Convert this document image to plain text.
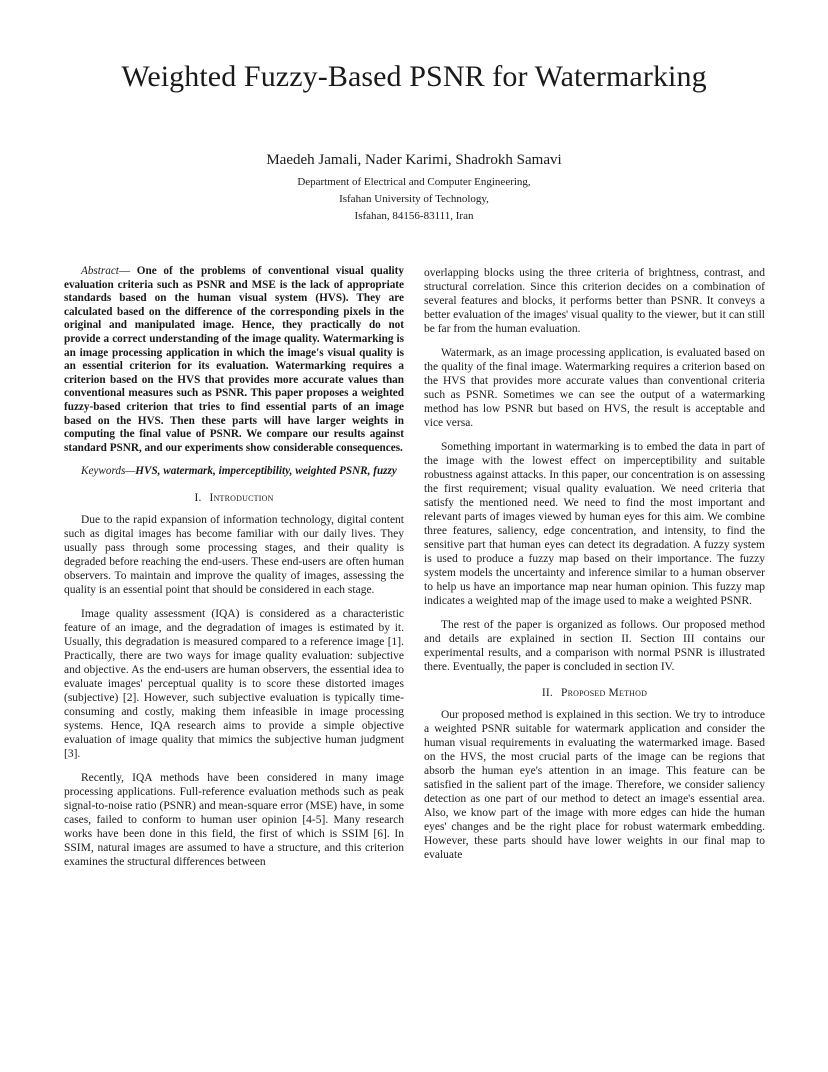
Weighted Fuzzy-Based PSNR for Watermarking
Maedeh Jamali, Nader Karimi, Shadrokh Samavi
Department of Electrical and Computer Engineering,
Isfahan University of Technology,
Isfahan, 84156-83111, Iran

Abstract— One of the problems of conventional visual quality evaluation criteria such as PSNR and MSE is the lack of appropriate standards based on the human visual system (HVS). They are calculated based on the difference of the corresponding pixels in the original and manipulated image. Hence, they practically do not provide a correct understanding of the image quality. Watermarking is an image processing application in which the image's visual quality is an essential criterion for its evaluation. Watermarking requires a criterion based on the HVS that provides more accurate values than conventional measures such as PSNR. This paper proposes a weighted fuzzy-based criterion that tries to find essential parts of an image based on the HVS. Then these parts will have larger weights in computing the final value of PSNR. We compare our results against standard PSNR, and our experiments show considerable consequences.

Keywords—HVS, watermark, imperceptibility, weighted PSNR, fuzzy

I. Introduction

Due to the rapid expansion of information technology, digital content such as digital images has become familiar with our daily lives. They usually pass through some processing stages, and their quality is degraded before reaching the end-users. These end-users are often human observers. To maintain and improve the quality of images, assessing the quality is an essential point that should be considered in each stage.

Image quality assessment (IQA) is considered as a characteristic feature of an image, and the degradation of images is estimated by it. Usually, this degradation is measured compared to a reference image [1]. Practically, there are two ways for image quality evaluation: subjective and objective. As the end-users are human observers, the essential idea to evaluate images' perceptual quality is to score these distorted images (subjective) [2]. However, such subjective evaluation is typically time-consuming and costly, making them infeasible in image processing systems. Hence, IQA research aims to provide a simple objective evaluation of image quality that mimics the subjective human judgment [3].

Recently, IQA methods have been considered in many image processing applications. Full-reference evaluation methods such as peak signal-to-noise ratio (PSNR) and mean-square error (MSE) have, in some cases, failed to conform to human user opinion [4-5]. Many research works have been done in this field, the first of which is SSIM [6]. In SSIM, natural images are assumed to have a structure, and this criterion examines the structural differences between

overlapping blocks using the three criteria of brightness, contrast, and structural correlation. Since this criterion decides on a combination of several features and blocks, it performs better than PSNR. It conveys a better evaluation of the images' visual quality to the viewer, but it can still be far from the human evaluation.

Watermark, as an image processing application, is evaluated based on the quality of the final image. Watermarking requires a criterion based on the HVS that provides more accurate values than conventional criteria such as PSNR. Sometimes we can see the output of a watermarking method has low PSNR but based on HVS, the result is acceptable and vice versa.

Something important in watermarking is to embed the data in part of the image with the lowest effect on imperceptibility and suitable robustness against attacks. In this paper, our concentration is on assessing the first requirement; visual quality evaluation. We need criteria that satisfy the mentioned need. We need to find the most important and relevant parts of images viewed by human eyes for this aim. We combine three features, saliency, edge concentration, and intensity, to find the sensitive part that human eyes can detect its degradation. A fuzzy system is used to produce a fuzzy map based on their importance. The fuzzy system models the uncertainty and inference similar to a human observer to help us have an importance map near human opinion. This fuzzy map indicates a weighted map of the image used to make a weighted PSNR.

The rest of the paper is organized as follows. Our proposed method and details are explained in section II. Section III contains our experimental results, and a comparison with normal PSNR is illustrated there. Eventually, the paper is concluded in section IV.

II. Proposed Method

Our proposed method is explained in this section. We try to introduce a weighted PSNR suitable for watermark application and consider the human visual requirements in evaluating the watermarked image. Based on the HVS, the most crucial parts of the image can be regions that absorb the human eye's attention in an image. This feature can be satisfied in the salient part of the image. Therefore, we consider saliency detection as one part of our method to detect an image's essential area. Also, we know part of the image with more edges can hide the human eyes' changes and be the right place for robust watermark embedding. However, these parts should have lower weights in our final map to evaluate
